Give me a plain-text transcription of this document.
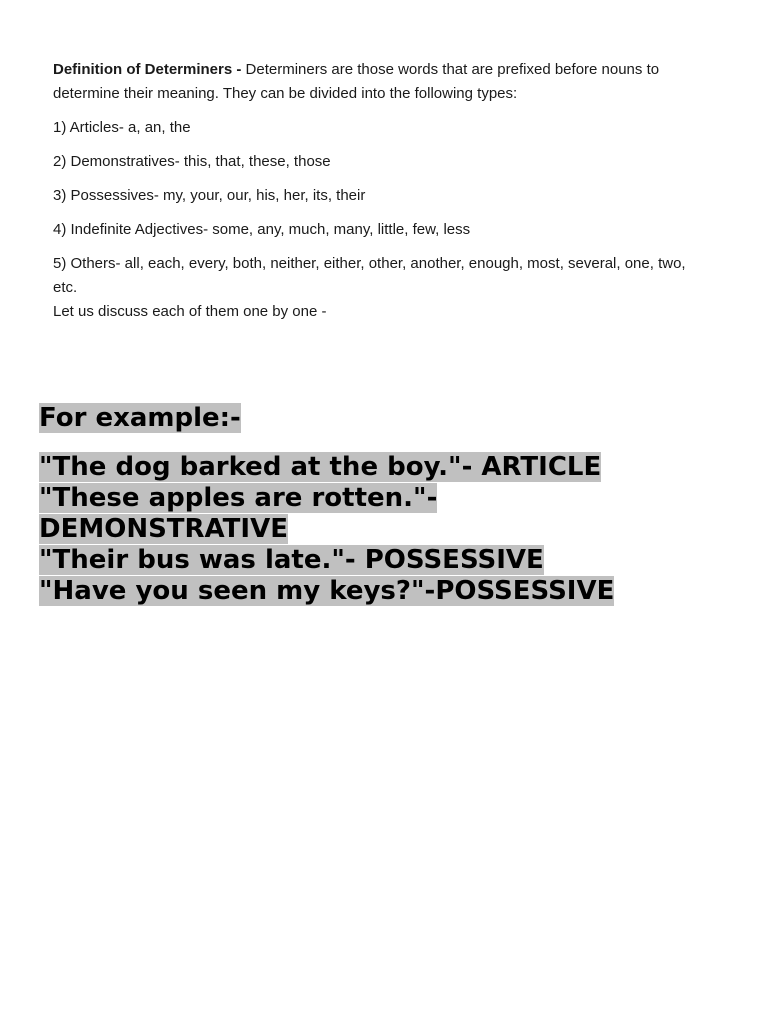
Definition of Determiners - Determiners are those words that are prefixed before nouns to determine their meaning. They can be divided into the following types:

1) Articles- a, an, the
2) Demonstratives- this, that, these, those
3) Possessives- my, your, our, his, her, its, their
4) Indefinite Adjectives- some, any, much, many, little, few, less
5) Others- all, each, every, both, neither, either, other, another, enough, most, several, one, two, etc.

Let us discuss each of them one by one -

For example:-

"The dog barked at the boy."- ARTICLE
"These apples are rotten."-
DEMONSTRATIVE
"Their bus was late."- POSSESSIVE
"Have you seen my keys?"-POSSESSIVE
